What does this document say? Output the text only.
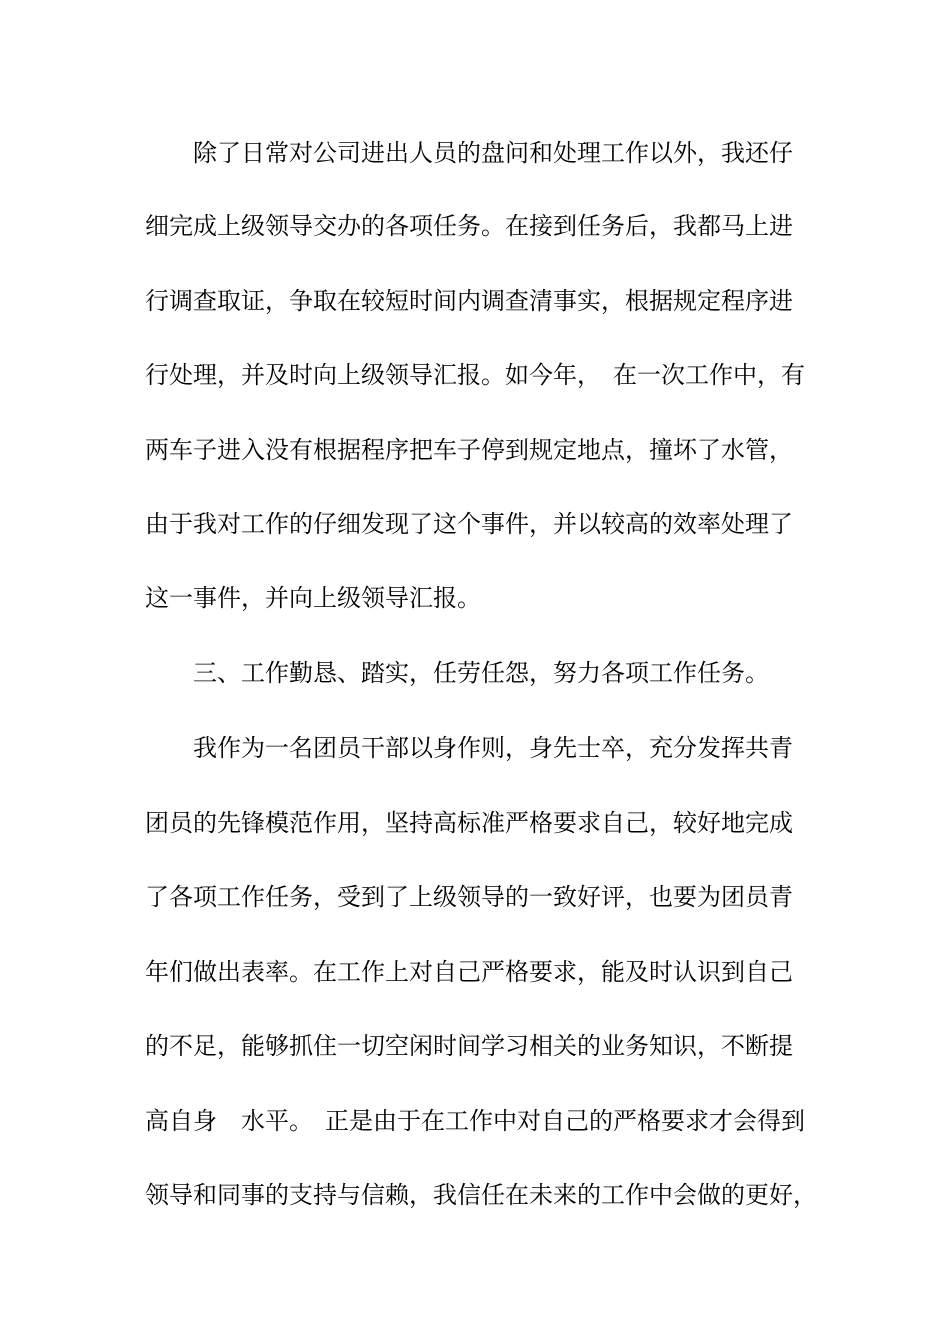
　　除了日常对公司进出人员的盘问和处理工作以外，我还仔
细完成上级领导交办的各项任务。在接到任务后，我都马上进
行调查取证，争取在较短时间内调查清事实，根据规定程序进
行处理，并及时向上级领导汇报。如今年，　在一次工作中，有
两车子进入没有根据程序把车子停到规定地点，撞坏了水管，
由于我对工作的仔细发现了这个事件，并以较高的效率处理了
这一事件，并向上级领导汇报。
　　三、工作勤恳、踏实，任劳任怨，努力各项工作任务。
　　我作为一名团员干部以身作则，身先士卒，充分发挥共青
团员的先锋模范作用，坚持高标准严格要求自己，较好地完成
了各项工作任务，受到了上级领导的一致好评，也要为团员青
年们做出表率。在工作上对自己严格要求，能及时认识到自己
的不足，能够抓住一切空闲时间学习相关的业务知识，不断提
高自身　水平。　正是由于在工作中对自己的严格要求才会得到
领导和同事的支持与信赖，我信任在未来的工作中会做的更好，
